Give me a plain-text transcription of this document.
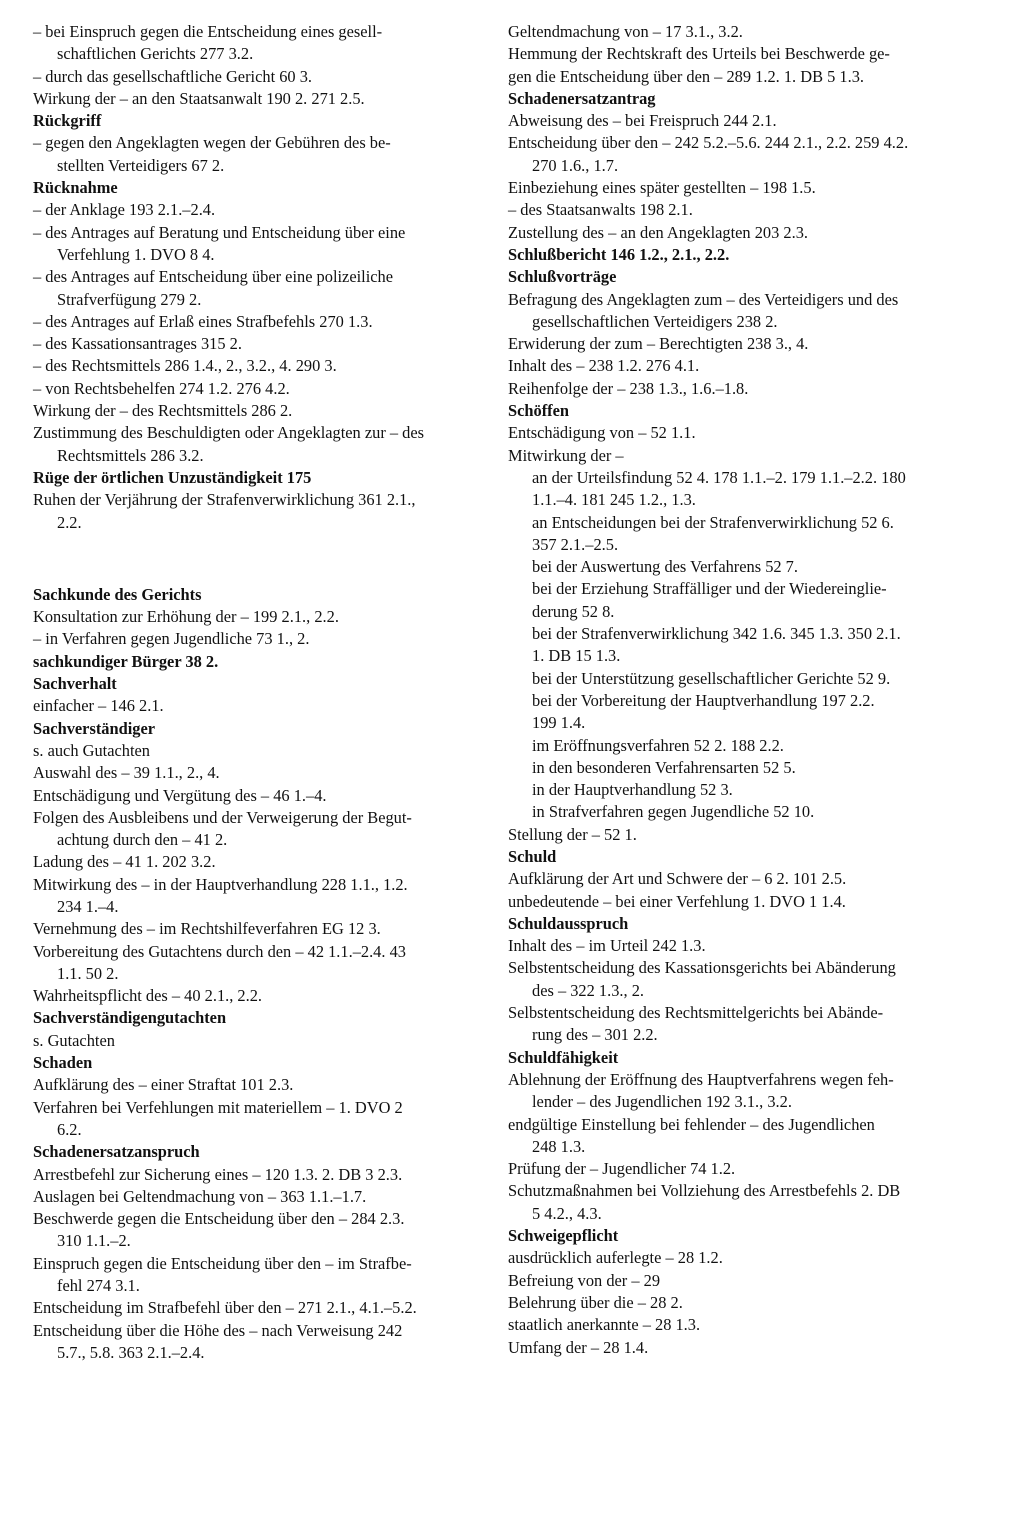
– bei Einspruch gegen die Entscheidung eines gesell-
schaftlichen Gerichts 277 3.2.
– durch das gesellschaftliche Gericht 60 3.
Wirkung der – an den Staatsanwalt 190 2. 271 2.5.
Rückgriff
– gegen den Angeklagten wegen der Gebühren des be-
stellten Verteidigers 67 2.
Rücknahme
– der Anklage 193 2.1.–2.4.
– des Antrages auf Beratung und Entscheidung über eine
Verfehlung 1. DVO 8 4.
– des Antrages auf Entscheidung über eine polizeiliche
Strafverfügung 279 2.
– des Antrages auf Erlaß eines Strafbefehls 270 1.3.
– des Kassationsantrages 315 2.
– des Rechtsmittels 286 1.4., 2., 3.2., 4. 290 3.
– von Rechtsbehelfen 274 1.2. 276 4.2.
Wirkung der – des Rechtsmittels 286 2.
Zustimmung des Beschuldigten oder Angeklagten zur – des
Rechtsmittels 286 3.2.
Rüge der örtlichen Unzuständigkeit 175
Ruhen der Verjährung der Strafenverwirklichung 361 2.1.,
2.2.
Sachkunde des Gerichts
Konsultation zur Erhöhung der – 199 2.1., 2.2.
– in Verfahren gegen Jugendliche 73 1., 2.
sachkundiger Bürger 38 2.
Sachverhalt
einfacher – 146 2.1.
Sachverständiger
s. auch Gutachten
Auswahl des – 39 1.1., 2., 4.
Entschädigung und Vergütung des – 46 1.–4.
Folgen des Ausbleibens und der Verweigerung der Begut-
achtung durch den – 41 2.
Ladung des – 41 1. 202 3.2.
Mitwirkung des – in der Hauptverhandlung 228 1.1., 1.2.
234 1.–4.
Vernehmung des – im Rechtshilfeverfahren EG 12 3.
Vorbereitung des Gutachtens durch den – 42 1.1.–2.4. 43
1.1. 50 2.
Wahrheitspflicht des – 40 2.1., 2.2.
Sachverständigengutachten
s. Gutachten
Schaden
Aufklärung des – einer Straftat 101 2.3.
Verfahren bei Verfehlungen mit materiellem – 1. DVO 2
6.2.
Schadenersatzanspruch
Arrestbefehl zur Sicherung eines – 120 1.3. 2. DB 3 2.3.
Auslagen bei Geltendmachung von – 363 1.1.–1.7.
Beschwerde gegen die Entscheidung über den – 284 2.3.
310 1.1.–2.
Einspruch gegen die Entscheidung über den – im Strafbe-
fehl 274 3.1.
Entscheidung im Strafbefehl über den – 271 2.1., 4.1.–5.2.
Entscheidung über die Höhe des – nach Verweisung 242
5.7., 5.8. 363 2.1.–2.4.
Geltendmachung von – 17 3.1., 3.2.
Hemmung der Rechtskraft des Urteils bei Beschwerde ge-
gen die Entscheidung über den – 289 1.2. 1. DB 5 1.3.
Schadenersatzantrag
Abweisung des – bei Freispruch 244 2.1.
Entscheidung über den – 242 5.2.–5.6. 244 2.1., 2.2. 259 4.2.
270 1.6., 1.7.
Einbeziehung eines später gestellten – 198 1.5.
– des Staatsanwalts 198 2.1.
Zustellung des – an den Angeklagten 203 2.3.
Schlußbericht 146 1.2., 2.1., 2.2.
Schlußvorträge
Befragung des Angeklagten zum – des Verteidigers und des
gesellschaftlichen Verteidigers 238 2.
Erwiderung der zum – Berechtigten 238 3., 4.
Inhalt des – 238 1.2. 276 4.1.
Reihenfolge der – 238 1.3., 1.6.–1.8.
Schöffen
Entschädigung von – 52 1.1.
Mitwirkung der –
an der Urteilsfindung 52 4. 178 1.1.–2. 179 1.1.–2.2. 180
1.1.–4. 181 245 1.2., 1.3.
an Entscheidungen bei der Strafenverwirklichung 52 6.
357 2.1.–2.5.
bei der Auswertung des Verfahrens 52 7.
bei der Erziehung Straffälliger und der Wiedereinglie-
derung 52 8.
bei der Strafenverwirklichung 342 1.6. 345 1.3. 350 2.1.
1. DB 15 1.3.
bei der Unterstützung gesellschaftlicher Gerichte 52 9.
bei der Vorbereitung der Hauptverhandlung 197 2.2.
199 1.4.
im Eröffnungsverfahren 52 2. 188 2.2.
in den besonderen Verfahrensarten 52 5.
in der Hauptverhandlung 52 3.
in Strafverfahren gegen Jugendliche 52 10.
Stellung der – 52 1.
Schuld
Aufklärung der Art und Schwere der – 6 2. 101 2.5.
unbedeutende – bei einer Verfehlung 1. DVO 1 1.4.
Schuldausspruch
Inhalt des – im Urteil 242 1.3.
Selbstentscheidung des Kassationsgerichts bei Abänderung
des – 322 1.3., 2.
Selbstentscheidung des Rechtsmittelgerichts bei Abände-
rung des – 301 2.2.
Schuldfähigkeit
Ablehnung der Eröffnung des Hauptverfahrens wegen feh-
lender – des Jugendlichen 192 3.1., 3.2.
endgültige Einstellung bei fehlender – des Jugendlichen
248 1.3.
Prüfung der – Jugendlicher 74 1.2.
Schutzmaßnahmen bei Vollziehung des Arrestbefehls 2. DB
5 4.2., 4.3.
Schweigepflicht
ausdrücklich auferlegte – 28 1.2.
Befreiung von der – 29
Belehrung über die – 28 2.
staatlich anerkannte – 28 1.3.
Umfang der – 28 1.4.
